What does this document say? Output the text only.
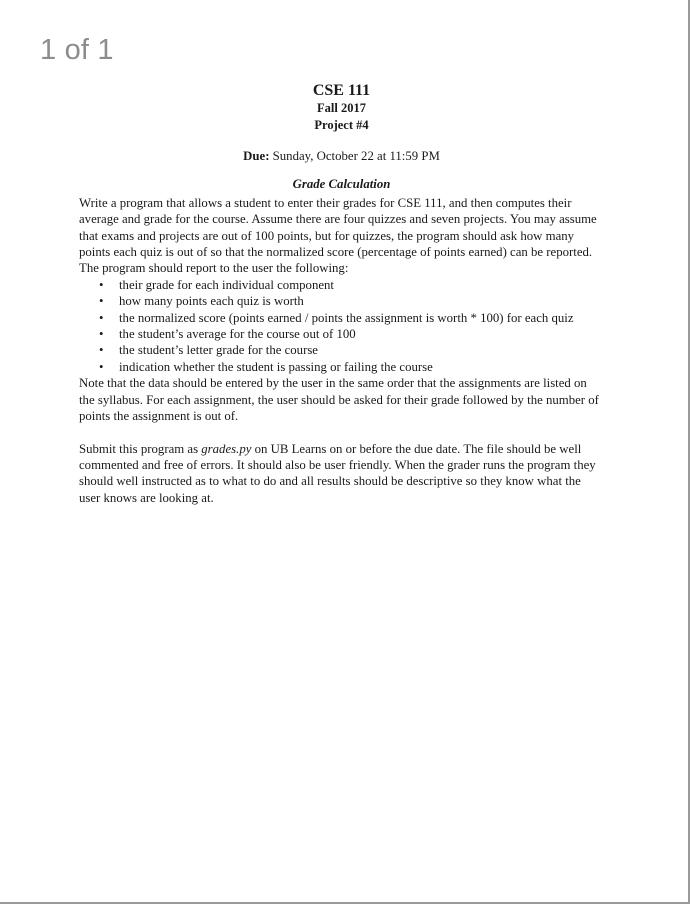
1 of 1
CSE 111
Fall 2017
Project #4
Due: Sunday, October 22 at 11:59 PM
Grade Calculation

Write a program that allows a student to enter their grades for CSE 111, and then computes their average and grade for the course. Assume there are four quizzes and seven projects. You may assume that exams and projects are out of 100 points, but for quizzes, the program should ask how many points each quiz is out of so that the normalized score (percentage of points earned) can be reported. The program should report to the user the following:

• their grade for each individual component
• how many points each quiz is worth
• the normalized score (points earned / points the assignment is worth * 100) for each quiz
• the student’s average for the course out of 100
• the student’s letter grade for the course
• indication whether the student is passing or failing the course

Note that the data should be entered by the user in the same order that the assignments are listed on the syllabus. For each assignment, the user should be asked for their grade followed by the number of points the assignment is out of.

Submit this program as grades.py on UB Learns on or before the due date. The file should be well commented and free of errors. It should also be user friendly. When the grader runs the program they should well instructed as to what to do and all results should be descriptive so they know what the user knows are looking at.
